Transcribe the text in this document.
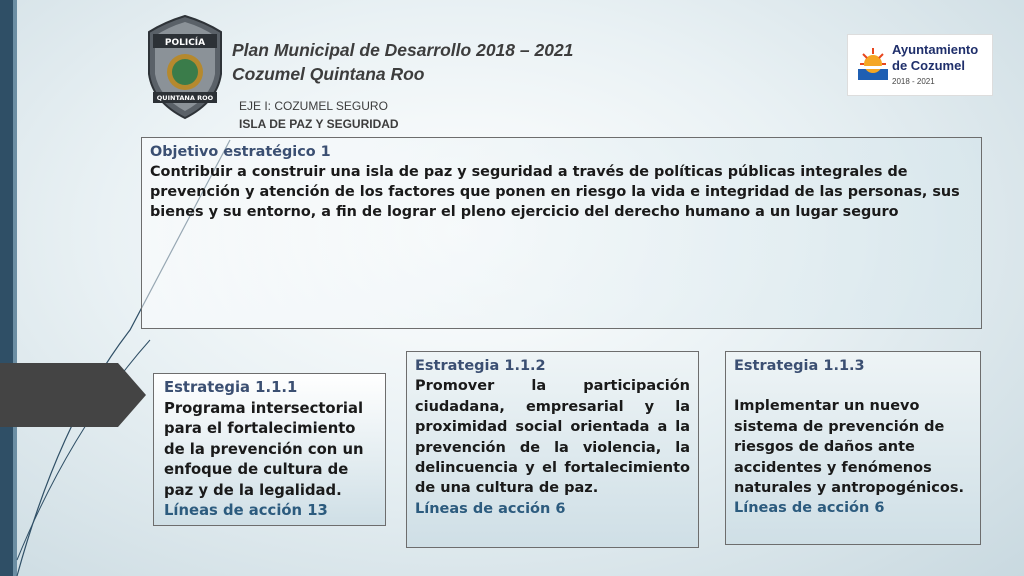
POLICÍA
QUINTANA ROO
Plan Municipal de Desarrollo 2018 – 2021
Cozumel Quintana Roo
EJE I: COZUMEL SEGURO
ISLA DE PAZ Y SEGURIDAD
Ayuntamiento
de Cozumel
2018 - 2021

Objetivo estratégico 1

Contribuir a construir una isla de paz y seguridad a través de políticas públicas integrales de prevención y atención de los factores que ponen en riesgo la vida e integridad de las personas, sus bienes y su entorno, a fin de lograr el pleno ejercicio del derecho humano a un lugar seguro

Estrategia 1.1.1

Programa intersectorial para el fortalecimiento de la prevención con un enfoque de cultura de paz y de la legalidad.

Líneas de acción 13

Estrategia 1.1.2

Promover la participación ciudadana, empresarial y la proximidad social orientada a la prevención de la violencia, la delincuencia y el fortalecimiento de una cultura de paz.

Líneas de acción 6

Estrategia 1.1.3

Implementar un nuevo sistema de prevención de riesgos de daños ante accidentes y fenómenos naturales y antropogénicos.

Líneas de acción 6
